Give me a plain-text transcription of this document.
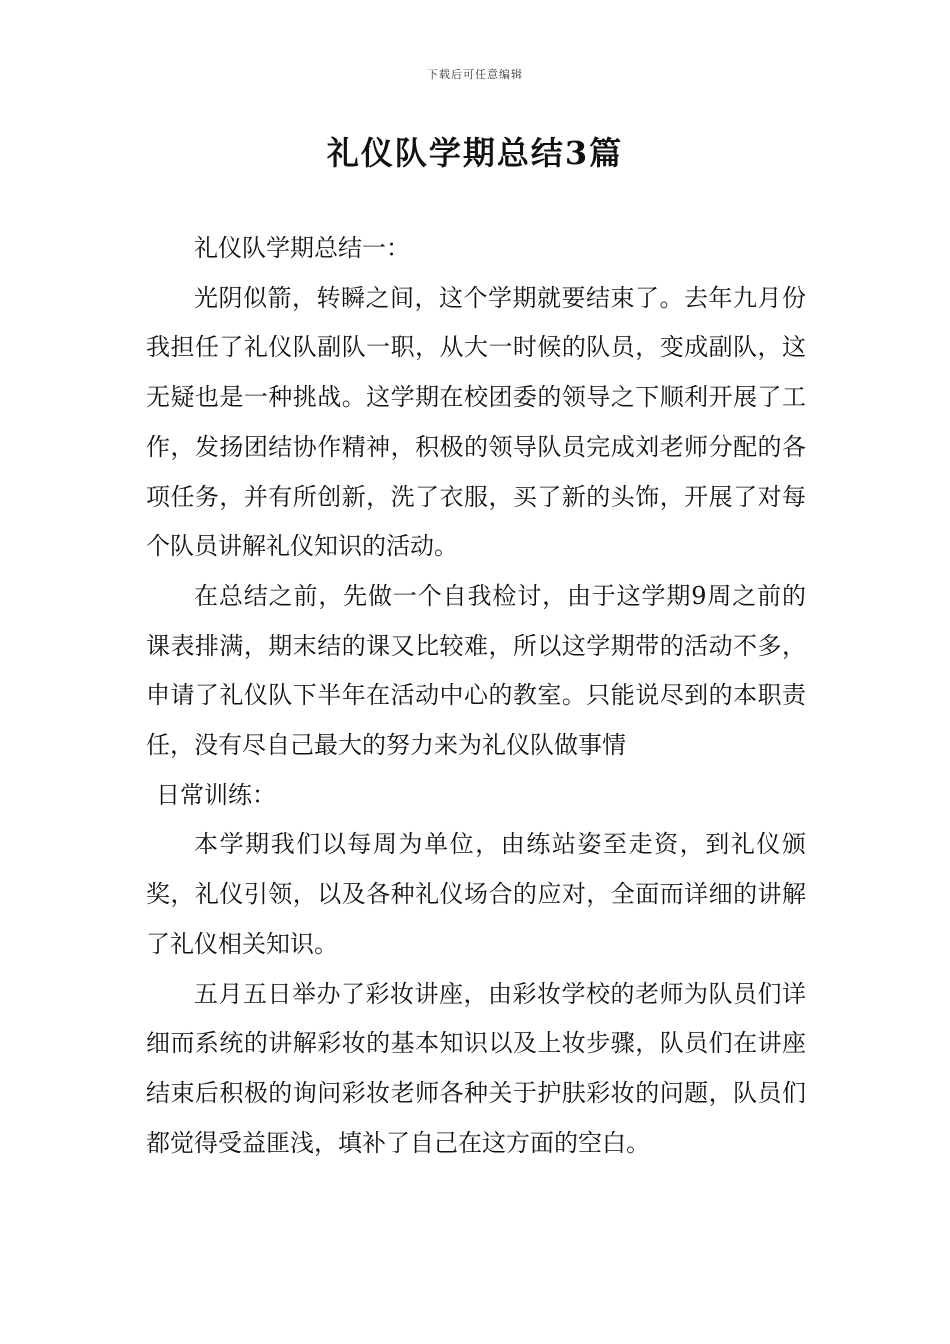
下载后可任意编辑
礼仪队学期总结3篇

礼仪队学期总结一：

光阴似箭，转瞬之间，这个学期就要结束了。去年九月份我担任了礼仪队副队一职，从大一时候的队员，变成副队，这无疑也是一种挑战。这学期在校团委的领导之下顺利开展了工作，发扬团结协作精神，积极的领导队员完成刘老师分配的各项任务，并有所创新，洗了衣服，买了新的头饰，开展了对每个队员讲解礼仪知识的活动。

在总结之前，先做一个自我检讨，由于这学期9周之前的课表排满，期末结的课又比较难，所以这学期带的活动不多，申请了礼仪队下半年在活动中心的教室。只能说尽到的本职责任，没有尽自己最大的努力来为礼仪队做事情

日常训练：

本学期我们以每周为单位，由练站姿至走资，到礼仪颁奖，礼仪引领，以及各种礼仪场合的应对，全面而详细的讲解了礼仪相关知识。

五月五日举办了彩妆讲座，由彩妆学校的老师为队员们详细而系统的讲解彩妆的基本知识以及上妆步骤，队员们在讲座结束后积极的询问彩妆老师各种关于护肤彩妆的问题，队员们都觉得受益匪浅，填补了自己在这方面的空白。
